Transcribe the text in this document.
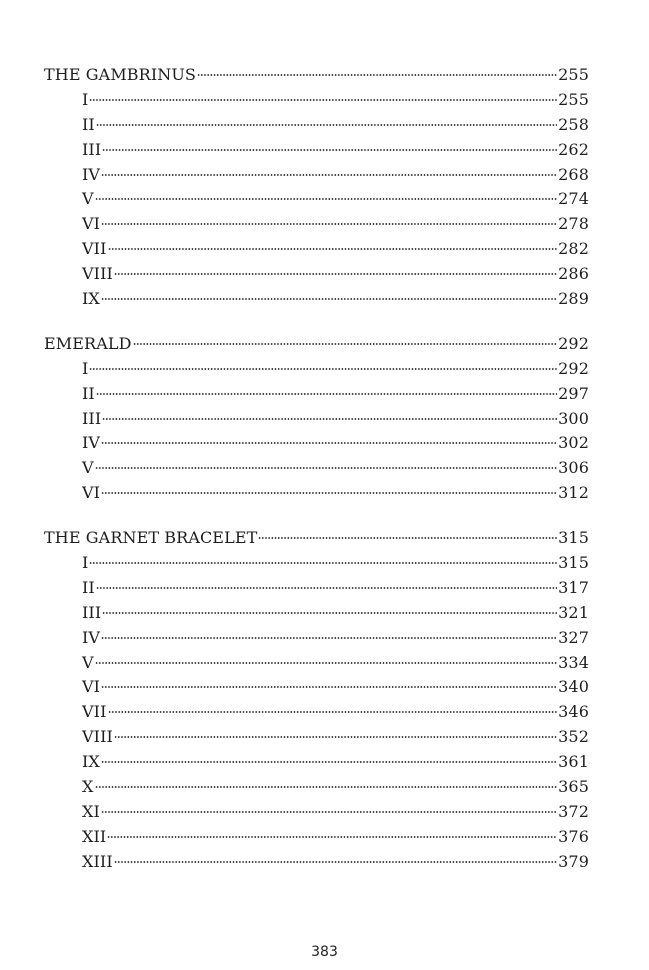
THE GAMBRINUS	255
I	255
II	258
III	262
IV	268
V	274
VI	278
VII	282
VIII	286
IX	289
EMERALD	292
I	292
II	297
III	300
IV	302
V	306
VI	312
THE GARNET BRACELET	315
I	315
II	317
III	321
IV	327
V	334
VI	340
VII	346
VIII	352
IX	361
X	365
XI	372
XII	376
XIII	379
383
